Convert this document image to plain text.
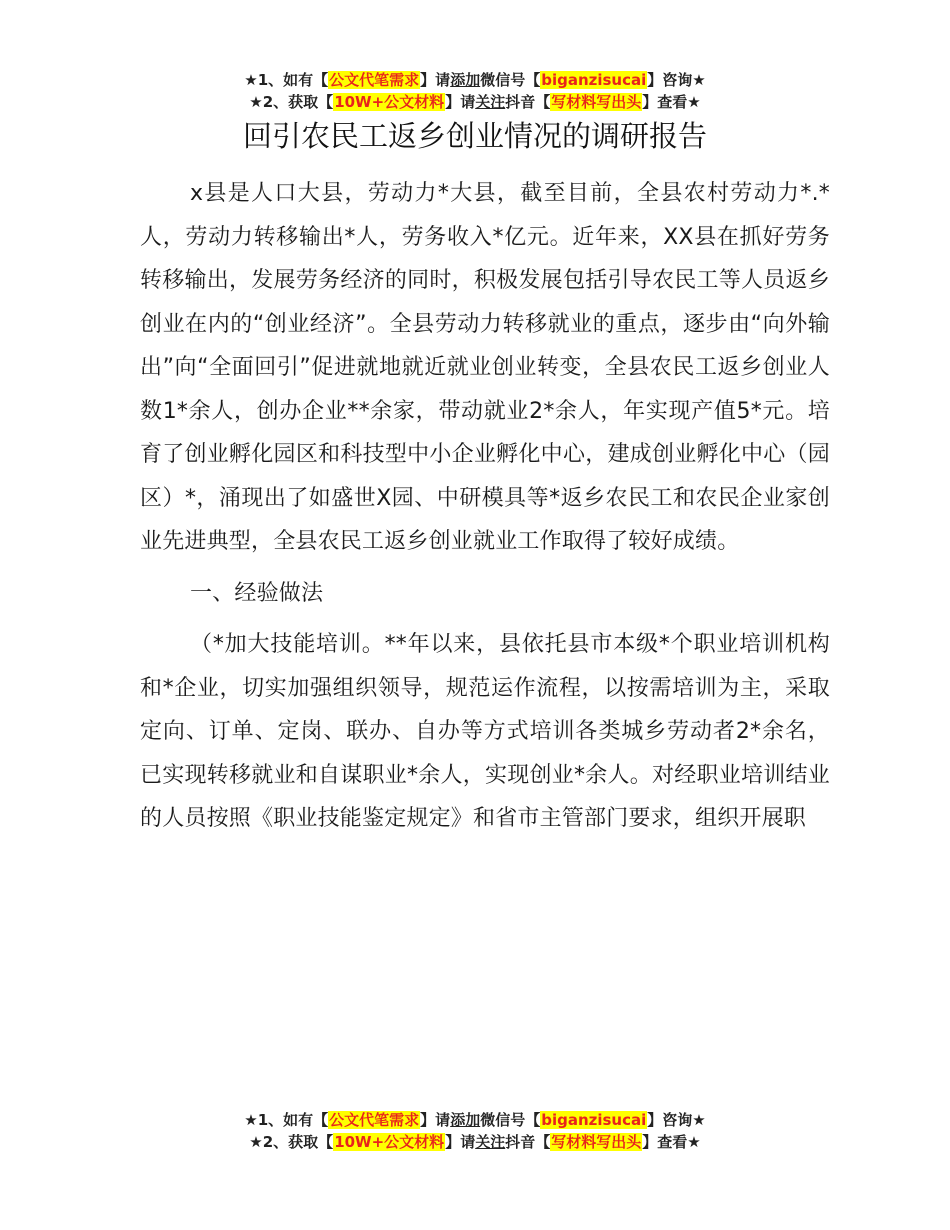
★1、如有【公文代笔需求】请添加微信号【biganzisucai】咨询★
★2、获取【10W+公文材料】请关注抖音【写材料写出头】查看★
回引农民工返乡创业情况的调研报告

x县是人口大县，劳动力*大县，截至目前，全县农村劳动力*.*人，劳动力转移输出*人，劳务收入*亿元。近年来，XX县在抓好劳务转移输出，发展劳务经济的同时，积极发展包括引导农民工等人员返乡创业在内的“创业经济”。全县劳动力转移就业的重点，逐步由“向外输出”向“全面回引”促进就地就近就业创业转变，全县农民工返乡创业人数1*余人，创办企业**余家，带动就业2*余人，年实现产值5*元。培育了创业孵化园区和科技型中小企业孵化中心，建成创业孵化中心（园区）*，涌现出了如盛世X园、中研模具等*返乡农民工和农民企业家创业先进典型，全县农民工返乡创业就业工作取得了较好成绩。

一、经验做法

（*加大技能培训。**年以来，县依托县市本级*个职业培训机构和*企业，切实加强组织领导，规范运作流程，以按需培训为主，采取定向、订单、定岗、联办、自办等方式培训各类城乡劳动者2*余名，已实现转移就业和自谋职业*余人，实现创业*余人。对经职业培训结业的人员按照《职业技能鉴定规定》和省市主管部门要求，组织开展职

★1、如有【公文代笔需求】请添加微信号【biganzisucai】咨询★
★2、获取【10W+公文材料】请关注抖音【写材料写出头】查看★
